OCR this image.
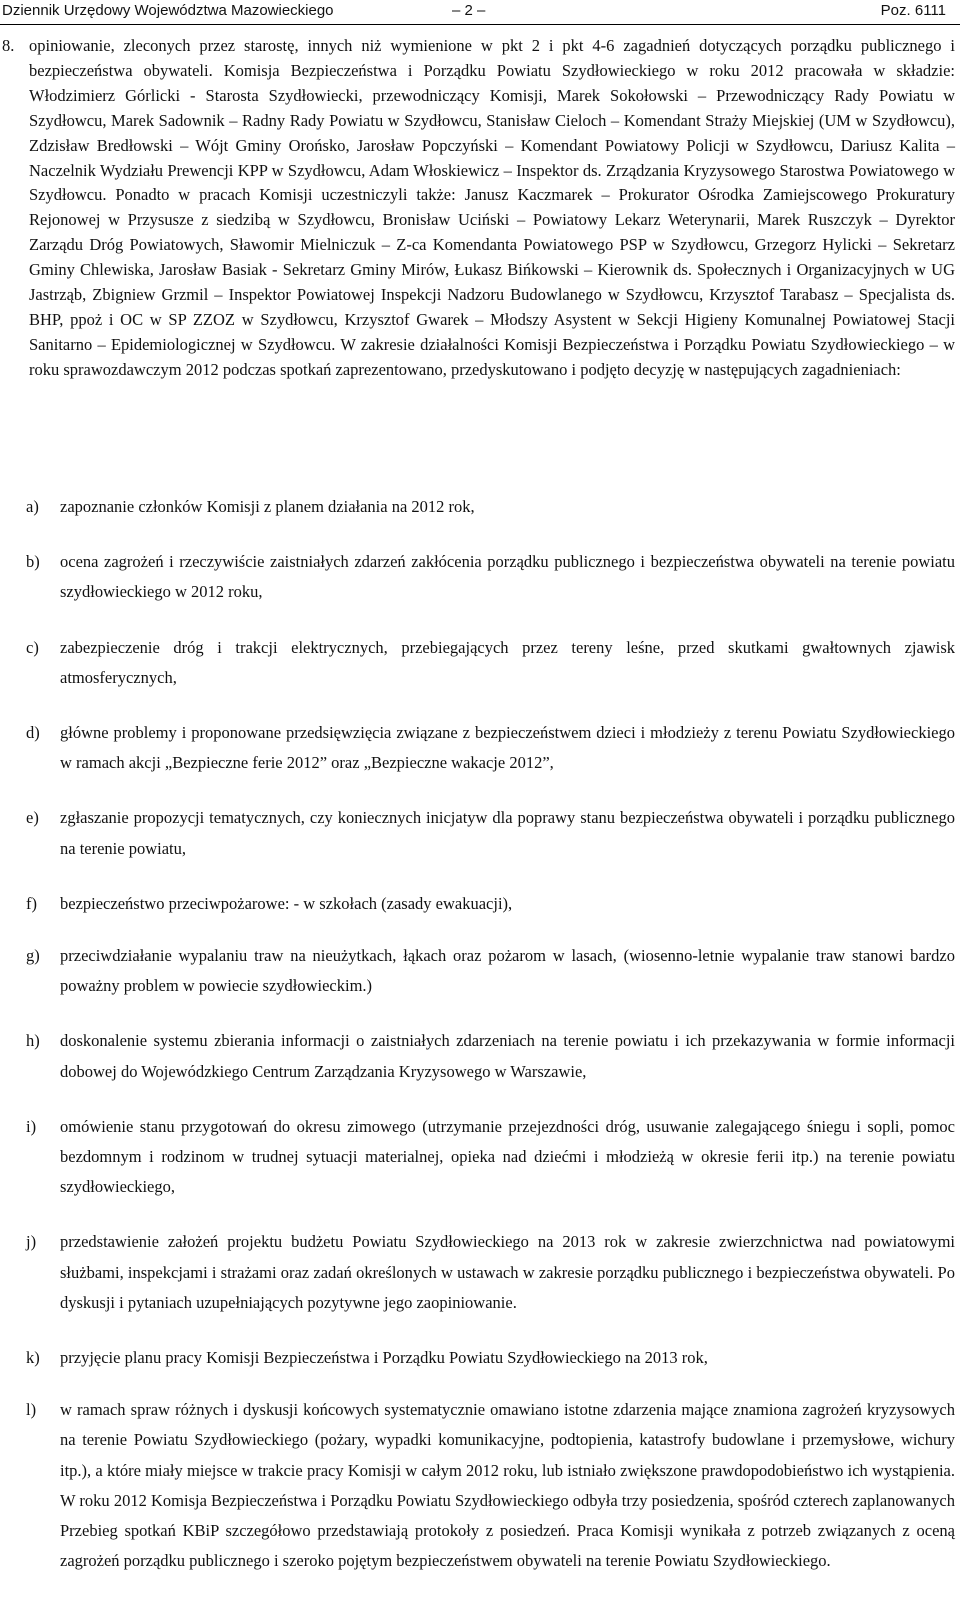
Dziennik Urzędowy Województwa Mazowieckiego	– 2 –	Poz. 6111
8. opiniowanie, zleconych przez starostę, innych niż wymienione w pkt 2 i pkt 4-6 zagadnień dotyczących porządku publicznego i bezpieczeństwa obywateli. Komisja Bezpieczeństwa i Porządku Powiatu Szydłowieckiego w roku 2012 pracowała w składzie: Włodzimierz Górlicki - Starosta Szydłowiecki, przewodniczący Komisji, Marek Sokołowski – Przewodniczący Rady Powiatu w Szydłowcu, Marek Sadownik – Radny Rady Powiatu w Szydłowcu, Stanisław Cieloch – Komendant Straży Miejskiej (UM w Szydłowcu), Zdzisław Bredłowski – Wójt Gminy Orońsko, Jarosław Popczyński – Komendant Powiatowy Policji w Szydłowcu, Dariusz Kalita – Naczelnik Wydziału Prewencji KPP w Szydłowcu, Adam Włoskiewicz – Inspektor ds. Zrządzania Kryzysowego Starostwa Powiatowego w Szydłowcu. Ponadto w pracach Komisji uczestniczyli także: Janusz Kaczmarek – Prokurator Ośrodka Zamiejscowego Prokuratury Rejonowej w Przysusze z siedzibą w Szydłowcu, Bronisław Uciński – Powiatowy Lekarz Weterynarii, Marek Ruszczyk – Dyrektor Zarządu Dróg Powiatowych, Sławomir Mielniczuk – Z-ca Komendanta Powiatowego PSP w Szydłowcu, Grzegorz Hylicki – Sekretarz Gminy Chlewiska, Jarosław Basiak - Sekretarz Gminy Mirów, Łukasz Bińkowski – Kierownik ds. Społecznych i Organizacyjnych w UG Jastrząb, Zbigniew Grzmil – Inspektor Powiatowej Inspekcji Nadzoru Budowlanego w Szydłowcu, Krzysztof Tarabasz – Specjalista ds. BHP, ppoż i OC w SP ZZOZ w Szydłowcu, Krzysztof Gwarek – Młodszy Asystent w Sekcji Higieny Komunalnej Powiatowej Stacji Sanitarno – Epidemiologicznej w Szydłowcu. W zakresie działalności Komisji Bezpieczeństwa i Porządku Powiatu Szydłowieckiego – w roku sprawozdawczym 2012 podczas spotkań zaprezentowano, przedyskutowano i podjęto decyzję w następujących zagadnieniach:
a) zapoznanie członków Komisji z planem działania na 2012 rok,
b) ocena zagrożeń i rzeczywiście zaistniałych zdarzeń zakłócenia porządku publicznego i bezpieczeństwa obywateli na terenie powiatu szydłowieckiego w 2012 roku,
c) zabezpieczenie dróg i trakcji elektrycznych, przebiegających przez tereny leśne, przed skutkami gwałtownych zjawisk atmosferycznych,
d) główne problemy i proponowane przedsięwzięcia związane z bezpieczeństwem dzieci i młodzieży z terenu Powiatu Szydłowieckiego w ramach akcji „Bezpieczne ferie 2012” oraz „Bezpieczne wakacje 2012”,
e) zgłaszanie propozycji tematycznych, czy koniecznych inicjatyw dla poprawy stanu bezpieczeństwa obywateli i porządku publicznego na terenie powiatu,
f) bezpieczeństwo przeciwpożarowe: - w szkołach (zasady ewakuacji),
g) przeciwdziałanie wypalaniu traw na nieużytkach, łąkach oraz pożarom w lasach, (wiosenno-letnie wypalanie traw stanowi bardzo poważny problem w powiecie szydłowieckim.)
h) doskonalenie systemu zbierania informacji o zaistniałych zdarzeniach na terenie powiatu i ich przekazywania w formie informacji dobowej do Wojewódzkiego Centrum Zarządzania Kryzysowego w Warszawie,
i) omówienie stanu przygotowań do okresu zimowego (utrzymanie przejezdności dróg, usuwanie zalegającego śniegu i sopli, pomoc bezdomnym i rodzinom w trudnej sytuacji materialnej, opieka nad dziećmi i młodzieżą w okresie ferii itp.) na terenie powiatu szydłowieckiego,
j) przedstawienie założeń projektu budżetu Powiatu Szydłowieckiego na 2013 rok w zakresie zwierzchnictwa nad powiatowymi służbami, inspekcjami i strażami oraz zadań określonych w ustawach w zakresie porządku publicznego i bezpieczeństwa obywateli. Po dyskusji i pytaniach uzupełniających pozytywne jego zaopiniowanie.
k) przyjęcie planu pracy Komisji Bezpieczeństwa i Porządku Powiatu Szydłowieckiego na 2013 rok,
l) w ramach spraw różnych i dyskusji końcowych systematycznie omawiano istotne zdarzenia mające znamiona zagrożeń kryzysowych na terenie Powiatu Szydłowieckiego (pożary, wypadki komunikacyjne, podtopienia, katastrofy budowlane i przemysłowe, wichury itp.), a które miały miejsce w trakcie pracy Komisji w całym 2012 roku, lub istniało zwiększone prawdopodobieństwo ich wystąpienia. W roku 2012 Komisja Bezpieczeństwa i Porządku Powiatu Szydłowieckiego odbyła trzy posiedzenia, spośród czterech zaplanowanych Przebieg spotkań KBiP szczegółowo przedstawiają protokoły z posiedzeń. Praca Komisji wynikała z potrzeb związanych z oceną zagrożeń porządku publicznego i szeroko pojętym bezpieczeństwem obywateli na terenie Powiatu Szydłowieckiego.
